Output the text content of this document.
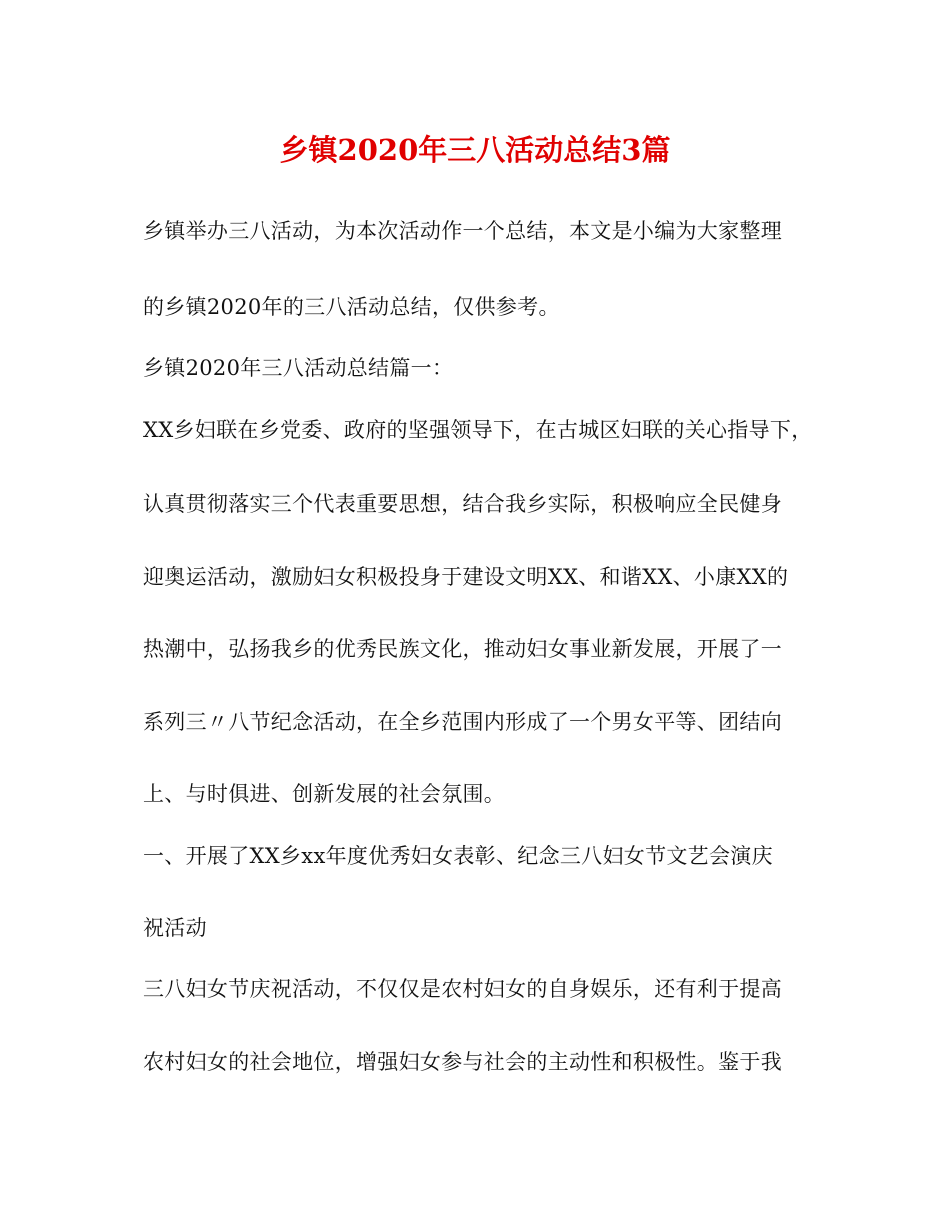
乡镇2020年三八活动总结3篇
乡镇举办三八活动，为本次活动作一个总结，本文是小编为大家整理
的乡镇2020年的三八活动总结，仅供参考。
乡镇2020年三八活动总结篇一：
XX乡妇联在乡党委、政府的坚强领导下，在古城区妇联的关心指导下，
认真贯彻落实三个代表重要思想，结合我乡实际，积极响应全民健身
迎奥运活动，激励妇女积极投身于建设文明XX、和谐XX、小康XX的
热潮中，弘扬我乡的优秀民族文化，推动妇女事业新发展，开展了一
系列三〃八节纪念活动，在全乡范围内形成了一个男女平等、团结向
上、与时俱进、创新发展的社会氛围。
一、开展了XX乡xx年度优秀妇女表彰、纪念三八妇女节文艺会演庆
祝活动
三八妇女节庆祝活动，不仅仅是农村妇女的自身娱乐，还有利于提高
农村妇女的社会地位，增强妇女参与社会的主动性和积极性。鉴于我
